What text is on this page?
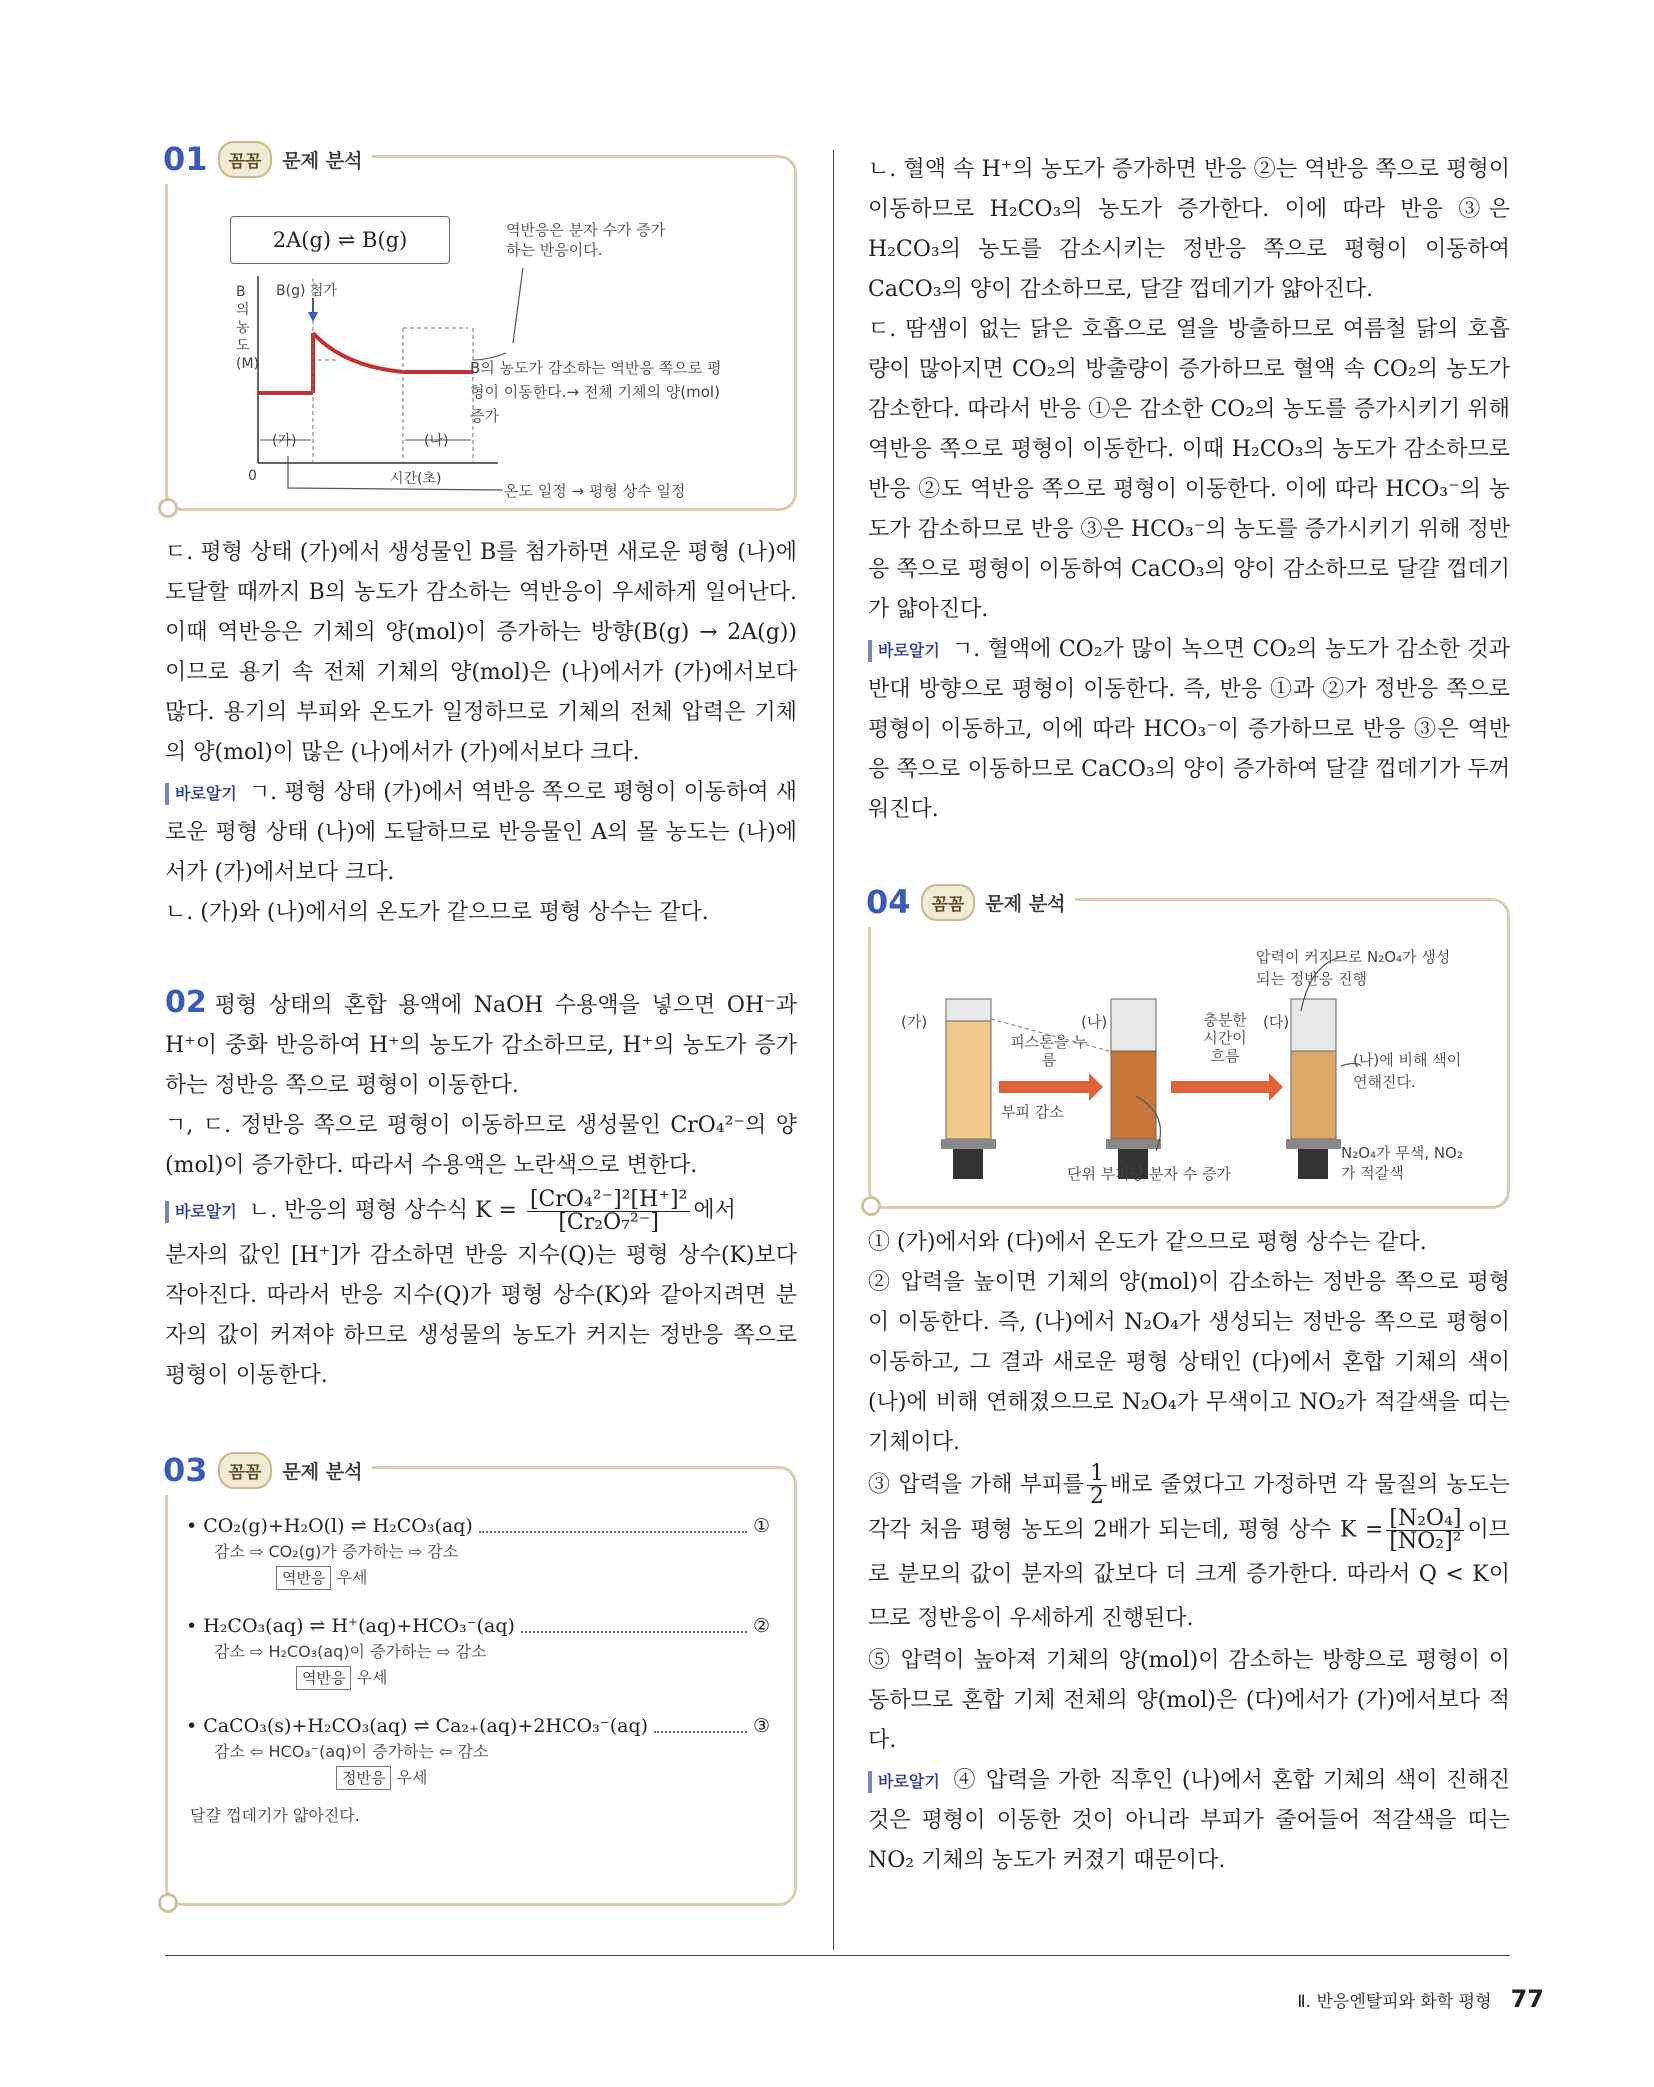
01	꼼꼼	문제 분석
2A(g) ⇌ B(g)	역반응은 분자 수가 증가하는 반응이다.
B의 농도(M)
B(g) 첨가
(가)	(나)
0	시간(초)
B의 농도가 감소하는 역반응 쪽으로 평형이 이동한다.→ 전체 기체의 양(mol) 증가
온도 일정 → 평형 상수 일정

ㄷ. 평형 상태 (가)에서 생성물인 B를 첨가하면 새로운 평형 (나)에 도달할 때까지 B의 농도가 감소하는 역반응이 우세하게 일어난다. 이때 역반응은 기체의 양(mol)이 증가하는 방향(B(g) → 2A(g))이므로 용기 속 전체 기체의 양(mol)은 (나)에서가 (가)에서보다 많다. 용기의 부피와 온도가 일정하므로 기체의 전체 압력은 기체의 양(mol)이 많은 (나)에서가 (가)에서보다 크다.

바로알기 ㄱ. 평형 상태 (가)에서 역반응 쪽으로 평형이 이동하여 새로운 평형 상태 (나)에 도달하므로 반응물인 A의 몰 농도는 (나)에서가 (가)에서보다 크다.

ㄴ. (가)와 (나)에서의 온도가 같으므로 평형 상수는 같다.

02 평형 상태의 혼합 용액에 NaOH 수용액을 넣으면 OH⁻과 H⁺이 중화 반응하여 H⁺의 농도가 감소하므로, H⁺의 농도가 증가하는 정반응 쪽으로 평형이 이동한다.

ㄱ, ㄷ. 정반응 쪽으로 평형이 이동하므로 생성물인 CrO₄²⁻의 양(mol)이 증가한다. 따라서 수용액은 노란색으로 변한다.

바로알기 ㄴ. 반응의 평형 상수식 $K = \frac{\text{[CrO₄²⁻]²[H⁺]²}}{\text{[Cr₂O₇²⁻]}}$ 에서

분자의 값인 [H⁺]가 감소하면 반응 지수(Q)는 평형 상수(K)보다 작아진다. 따라서 반응 지수(Q)가 평형 상수(K)와 같아지려면 분자의 값이 커져야 하므로 생성물의 농도가 커지는 정반응 쪽으로 평형이 이동한다.

03	꼼꼼	문제 분석
• CO₂(g)+H₂O(l) ⇌ H₂CO₃(aq)	①
감소 ⇨ CO₂(g)가 증가하는 ⇨ 감소
역반응 우세
• H₂CO₃(aq) ⇌ H⁺(aq)+HCO₃⁻(aq)	②
감소 ⇨ H₂CO₃(aq)이 증가하는 ⇨ 감소
역반응 우세
• CaCO₃(s)+H₂CO₃(aq) ⇌ Ca₂₊(aq)+2HCO₃⁻(aq)	③
감소 ⇦ HCO₃⁻(aq)이 증가하는 ⇦ 감소
정반응 우세
달걀 껍데기가 얇아진다.

ㄴ. 혈액 속 H⁺의 농도가 증가하면 반응 ②는 역반응 쪽으로 평형이 이동하므로 H₂CO₃의 농도가 증가한다. 이에 따라 반응 ③은 H₂CO₃의 농도를 감소시키는 정반응 쪽으로 평형이 이동하여 CaCO₃의 양이 감소하므로, 달걀 껍데기가 얇아진다.

ㄷ. 땀샘이 없는 닭은 호흡으로 열을 방출하므로 여름철 닭의 호흡량이 많아지면 CO₂의 방출량이 증가하므로 혈액 속 CO₂의 농도가 감소한다. 따라서 반응 ①은 감소한 CO₂의 농도를 증가시키기 위해 역반응 쪽으로 평형이 이동한다. 이때 H₂CO₃의 농도가 감소하므로 반응 ②도 역반응 쪽으로 평형이 이동한다. 이에 따라 HCO₃⁻의 농도가 감소하므로 반응 ③은 HCO₃⁻의 농도를 증가시키기 위해 정반응 쪽으로 평형이 이동하여 CaCO₃의 양이 감소하므로 달걀 껍데기가 얇아진다.

바로알기 ㄱ. 혈액에 CO₂가 많이 녹으면 CO₂의 농도가 감소한 것과 반대 방향으로 평형이 이동한다. 즉, 반응 ①과 ②가 정반응 쪽으로 평형이 이동하고, 이에 따라 HCO₃⁻이 증가하므로 반응 ③은 역반응 쪽으로 이동하므로 CaCO₃의 양이 증가하여 달걀 껍데기가 두꺼워진다.

04	꼼꼼	문제 분석
(가)	(나)	(다)
피스톤을 누름
부피 감소
충분한 시간이 흐름
압력이 커지므로 N₂O₄가 생성되는 정반응 진행
(나)에 비해 색이 연해진다.
N₂O₄가 무색, NO₂가 적갈색
단위 부피당 분자 수 증가

① (가)에서와 (다)에서 온도가 같으므로 평형 상수는 같다.

② 압력을 높이면 기체의 양(mol)이 감소하는 정반응 쪽으로 평형이 이동한다. 즉, (나)에서 N₂O₄가 생성되는 정반응 쪽으로 평형이 이동하고, 그 결과 새로운 평형 상태인 (다)에서 혼합 기체의 색이 (나)에 비해 연해졌으므로 N₂O₄가 무색이고 NO₂가 적갈색을 띠는 기체이다.

③ 압력을 가해 부피를 $\frac{1}{2}$ 배로 줄였다고 가정하면 각 물질의 농도는 각각 처음 평형 농도의 2배가 되는데, 평형 상수 $K = \frac{\text{[N₂O₄]}}{\text{[NO₂]²}}$ 이므로 분모의 값이 분자의 값보다 더 크게 증가한다. 따라서 Q < K이므로 정반응이 우세하게 진행된다.

⑤ 압력이 높아져 기체의 양(mol)이 감소하는 방향으로 평형이 이동하므로 혼합 기체 전체의 양(mol)은 (다)에서가 (가)에서보다 적다.

바로알기 ④ 압력을 가한 직후인 (나)에서 혼합 기체의 색이 진해진 것은 평형이 이동한 것이 아니라 부피가 줄어들어 적갈색을 띠는 NO₂ 기체의 농도가 커졌기 때문이다.

Ⅱ. 반응엔탈피와 화학 평형 77
